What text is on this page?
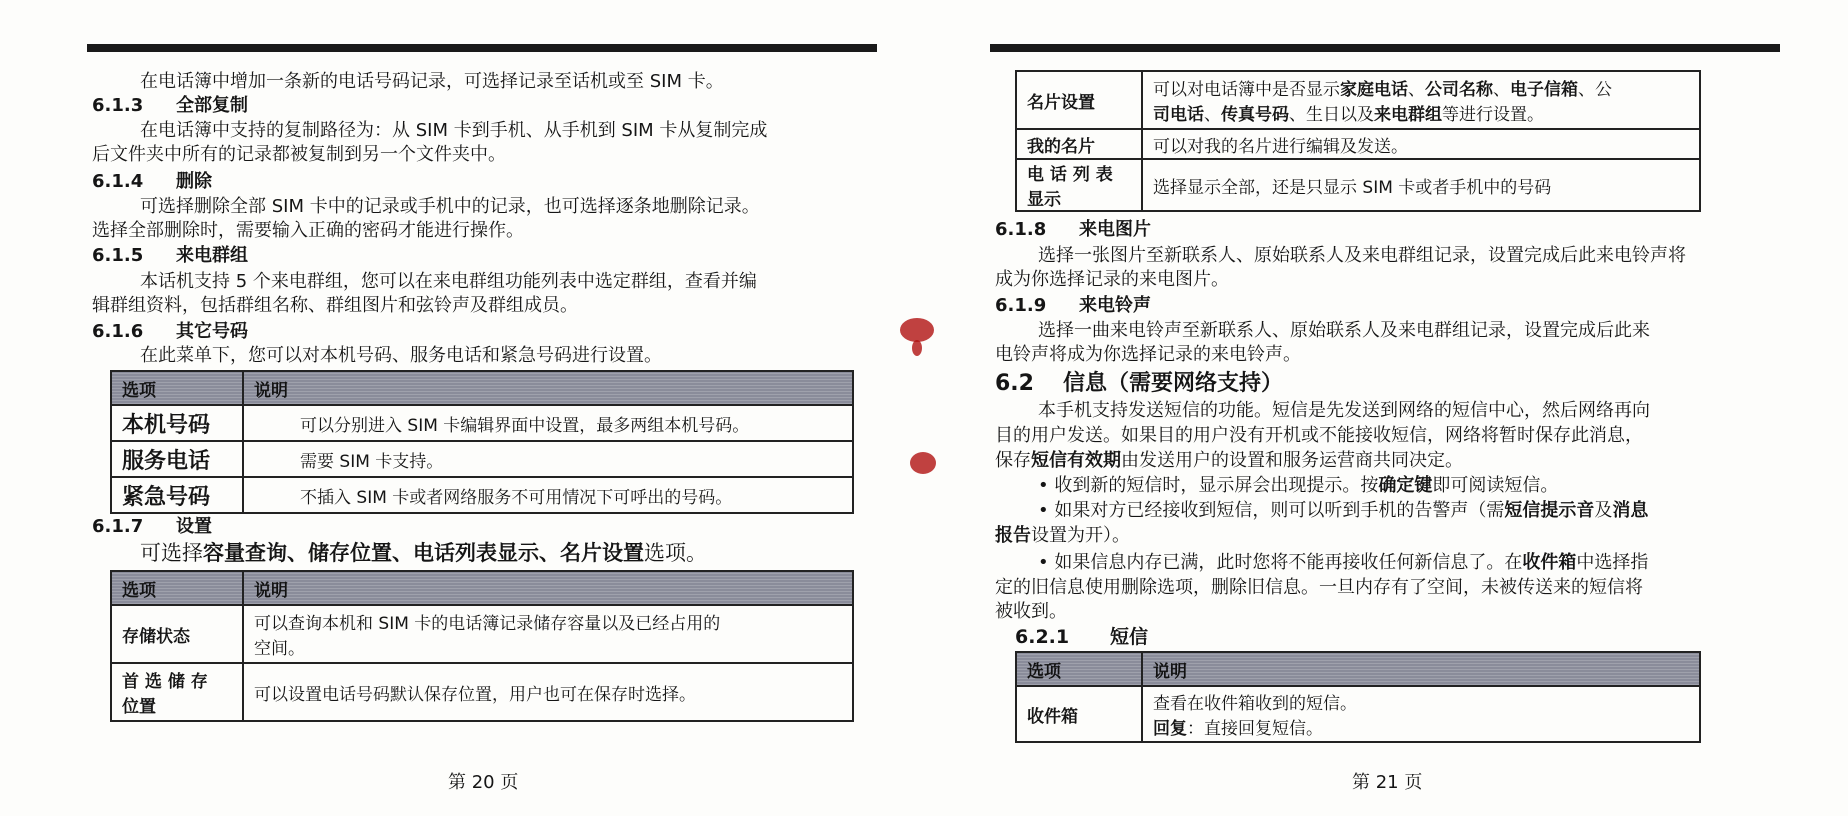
在电话簿中增加一条新的电话号码记录，可选择记录至话机或至 SIM 卡。
6.1.3 全部复制
在电话簿中支持的复制路径为：从 SIM 卡到手机、从手机到 SIM 卡从复制完成
后文件夹中所有的记录都被复制到另一个文件夹中。
6.1.4 删除
可选择删除全部 SIM 卡中的记录或手机中的记录，也可选择逐条地删除记录。
选择全部删除时，需要输入正确的密码才能进行操作。
6.1.5 来电群组
本话机支持 5 个来电群组，您可以在来电群组功能列表中选定群组，查看并编
辑群组资料，包括群组名称、群组图片和弦铃声及群组成员。
6.1.6 其它号码
在此菜单下，您可以对本机号码、服务电话和紧急号码进行设置。
选项	说明
本机号码	可以分别进入 SIM 卡编辑界面中设置，最多两组本机号码。
服务电话	需要 SIM 卡支持。
紧急号码	不插入 SIM 卡或者网络服务不可用情况下可呼出的号码。
6.1.7 设置
可选择容量查询、储存位置、电话列表显示、名片设置选项。
选项	说明
存储状态	可以查询本机和 SIM 卡的电话簿记录储存容量以及已经占用的
空间。

首 选 储 存
位置	可以设置电话号码默认保存位置，用户也可在保存时选择。
第 20 页
名片设置	可以对电话簿中是否显示家庭电话、公司名称、电子信箱、公
司电话、传真号码、生日以及来电群组等进行设置。

我的名片	可以对我的名片进行编辑及发送。

电 话 列 表
显示	选择显示全部，还是只显示 SIM 卡或者手机中的号码
6.1.8 来电图片
选择一张图片至新联系人、原始联系人及来电群组记录，设置完成后此来电铃声将
成为你选择记录的来电图片。
6.1.9 来电铃声
选择一曲来电铃声至新联系人、原始联系人及来电群组记录，设置完成后此来
电铃声将成为你选择记录的来电铃声。
6.2 信息（需要网络支持）
本手机支持发送短信的功能。短信是先发送到网络的短信中心，然后网络再向
目的用户发送。如果目的用户没有开机或不能接收短信，网络将暂时保存此消息，
保存短信有效期由发送用户的设置和服务运营商共同决定。
• 收到新的短信时，显示屏会出现提示。按确定键即可阅读短信。
• 如果对方已经接收到短信，则可以听到手机的告警声（需短信提示音及消息
报告设置为开）。
• 如果信息内存已满，此时您将不能再接收任何新信息了。在收件箱中选择指
定的旧信息使用删除选项，删除旧信息。一旦内存有了空间，未被传送来的短信将
被收到。
6.2.1 短信
选项	说明
收件箱	查看在收件箱收到的短信。
回复：直接回复短信。
第 21 页
